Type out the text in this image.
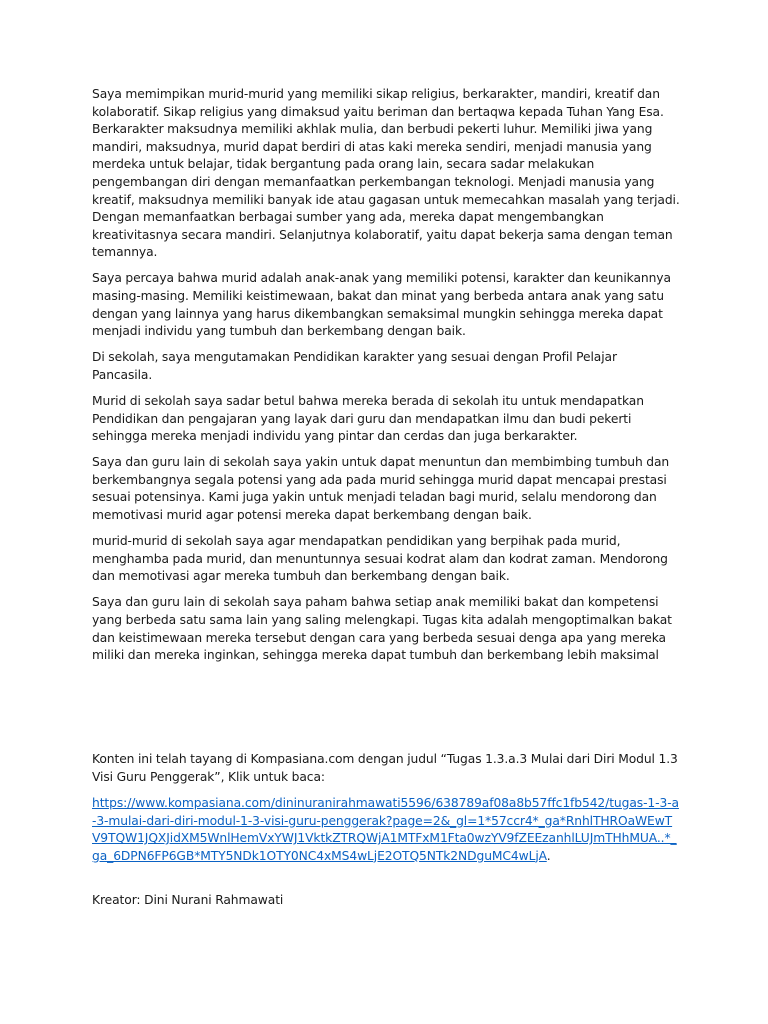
Saya memimpikan murid-murid yang memiliki sikap religius, berkarakter, mandiri, kreatif dan kolaboratif. Sikap religius yang dimaksud yaitu beriman dan bertaqwa kepada Tuhan Yang Esa. Berkarakter maksudnya memiliki akhlak mulia, dan berbudi pekerti luhur. Memiliki jiwa yang mandiri, maksudnya, murid dapat berdiri di atas kaki mereka sendiri, menjadi manusia yang merdeka untuk belajar, tidak bergantung pada orang lain, secara sadar melakukan pengembangan diri dengan memanfaatkan perkembangan teknologi. Menjadi manusia yang kreatif, maksudnya memiliki banyak ide atau gagasan untuk memecahkan masalah yang terjadi. Dengan memanfaatkan berbagai sumber yang ada, mereka dapat mengembangkan kreativitasnya secara mandiri. Selanjutnya kolaboratif, yaitu dapat bekerja sama dengan teman temannya.

Saya percaya bahwa murid adalah anak-anak yang memiliki potensi, karakter dan keunikannya masing-masing. Memiliki keistimewaan, bakat dan minat yang berbeda antara anak yang satu dengan yang lainnya yang harus dikembangkan semaksimal mungkin sehingga mereka dapat menjadi individu yang tumbuh dan berkembang dengan baik.

Di sekolah, saya mengutamakan Pendidikan karakter yang sesuai dengan Profil Pelajar Pancasila.

Murid di sekolah saya sadar betul bahwa mereka berada di sekolah itu untuk mendapatkan Pendidikan dan pengajaran yang layak dari guru dan mendapatkan ilmu dan budi pekerti sehingga mereka menjadi individu yang pintar dan cerdas dan juga berkarakter.

Saya dan guru lain di sekolah saya yakin untuk dapat menuntun dan membimbing tumbuh dan berkembangnya segala potensi yang ada pada murid sehingga murid dapat mencapai prestasi sesuai potensinya. Kami juga yakin untuk menjadi teladan bagi murid, selalu mendorong dan memotivasi murid agar potensi mereka dapat berkembang dengan baik.

murid-murid di sekolah saya agar mendapatkan pendidikan yang berpihak pada murid, menghamba pada murid, dan menuntunnya sesuai kodrat alam dan kodrat zaman. Mendorong dan memotivasi agar mereka tumbuh dan berkembang dengan baik.

Saya dan guru lain di sekolah saya paham bahwa setiap anak memiliki bakat dan kompetensi yang berbeda satu sama lain yang saling melengkapi. Tugas kita adalah mengoptimalkan bakat dan keistimewaan mereka tersebut dengan cara yang berbeda sesuai denga apa yang mereka miliki dan mereka inginkan, sehingga mereka dapat tumbuh dan berkembang lebih maksimal

Konten ini telah tayang di Kompasiana.com dengan judul “Tugas 1.3.a.3 Mulai dari Diri Modul 1.3 Visi Guru Penggerak”, Klik untuk baca:

https://www.kompasiana.com/dininuranirahmawati5596/638789af08a8b57ffc1fb542/tugas-1-3-a-3-mulai-dari-diri-modul-1-3-visi-guru-penggerak?page=2&_gl=1*57ccr4*_ga*RnhlTHROaWEwTV9TQW1JQXJidXM5WnlHemVxYWJ1VktkZTRQWjA1MTFxM1Fta0wzYV9fZEEzanhlLUJmTHhMUA..*_ga_6DPN6FP6GB*MTY5NDk1OTY0NC4xMS4wLjE2OTQ5NTk2NDguMC4wLjA.

Kreator: Dini Nurani Rahmawati
